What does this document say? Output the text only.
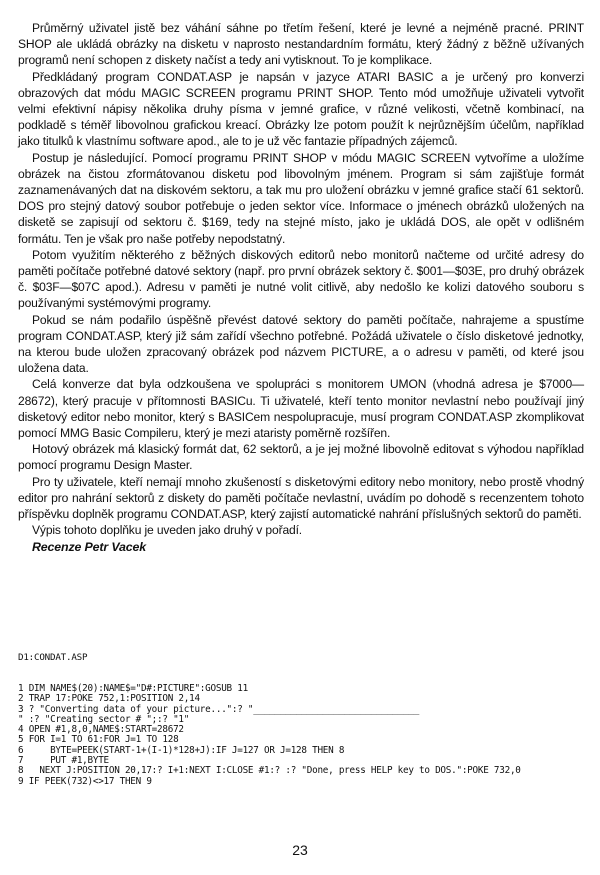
Průměrný uživatel jistě bez váhání sáhne po třetím řešení, které je levné a nejméně pracné. PRINT SHOP ale ukládá obrázky na disketu v naprosto nestandardním formátu, který žádný z běžně užívaných programů není schopen z diskety načíst a tedy ani vytisknout. To je komplikace.

Předkládaný program CONDAT.ASP je napsán v jazyce ATARI BASIC a je určený pro konverzi obrazových dat módu MAGIC SCREEN programu PRINT SHOP. Tento mód umožňuje uživateli vytvořit velmi efektivní nápisy několika druhy písma v jemné grafice, v různé velikosti, včetně kombinací, na podkladě s téměř libovolnou grafickou kreací. Obrázky lze potom použít k nejrůznějším účelům, například jako titulků k vlastnímu software apod., ale to je už věc fantazie případných zájemců.

Postup je následující. Pomocí programu PRINT SHOP v módu MAGIC SCREEN vytvoříme a uložíme obrázek na čistou zformátovanou disketu pod libovolným jménem. Program si sám zajišťuje formát zaznamenávaných dat na diskovém sektoru, a tak mu pro uložení obrázku v jemné grafice stačí 61 sektorů. DOS pro stejný datový soubor potřebuje o jeden sektor více. Informace o jménech obrázků uložených na disketě se zapisují od sektoru č. $169, tedy na stejné místo, jako je ukládá DOS, ale opět v odlišném formátu. Ten je však pro naše potřeby nepodstatný.

Potom využitím některého z běžných diskových editorů nebo monitorů načteme od určité adresy do paměti počítače potřebné datové sektory (např. pro první obrázek sektory č. $001—$03E, pro druhý obrázek č. $03F—$07C apod.). Adresu v paměti je nutné volit citlivě, aby nedošlo ke kolizi datového souboru s používanými systémovými programy.

Pokud se nám podařilo úspěšně převést datové sektory do paměti počítače, nahrajeme a spustíme program CONDAT.ASP, který již sám zařídí všechno potřebné. Požádá uživatele o číslo disketové jednotky, na kterou bude uložen zpracovaný obrázek pod názvem PICTURE, a o adresu v paměti, od které jsou uložena data.

Celá konverze dat byla odzkoušena ve spolupráci s monitorem UMON (vhodná adresa je $7000—28672), který pracuje v přítomnosti BASICu. Ti uživatelé, kteří tento monitor nevlastní nebo používají jiný disketový editor nebo monitor, který s BASICem nespolupracuje, musí program CONDAT.ASP zkomplikovat pomocí MMG Basic Compileru, který je mezi ataristy poměrně rozšířen.

Hotový obrázek má klasický formát dat, 62 sektorů, a je jej možné libovolně editovat s výhodou například pomocí programu Design Master.

Pro ty uživatele, kteří nemají mnoho zkušeností s disketovými editory nebo monitory, nebo prostě vhodný editor pro nahrání sektorů z diskety do paměti počítače nevlastní, uvádím po dohodě s recenzentem tohoto příspěvku doplněk programu CONDAT.ASP, který zajistí automatické nahrání příslušných sektorů do paměti.

Výpis tohoto doplňku je uveden jako druhý v pořadí.

Recenze Petr Vacek

D1:CONDAT.ASP
1 DIM NAME$(20):NAME$="D#:PICTURE":GOSUB 11
2 TRAP 17:POKE 752,1:POSITION 2,14
3 ? "Converting data of your picture...":? "_______________________________
" :? "Creating sector # ";:? "1"
4 OPEN #1,8,0,NAME$:START=28672
5 FOR I=1 TO 61:FOR J=1 TO 128
6     BYTE=PEEK(START-1+(I-1)*128+J):IF J=127 OR J=128 THEN 8
7     PUT #1,BYTE
8   NEXT J:POSITION 20,17:? I+1:NEXT I:CLOSE #1:? :? "Done, press HELP key to DOS.":POKE 732,0
9 IF PEEK(732)<>17 THEN 9
23
